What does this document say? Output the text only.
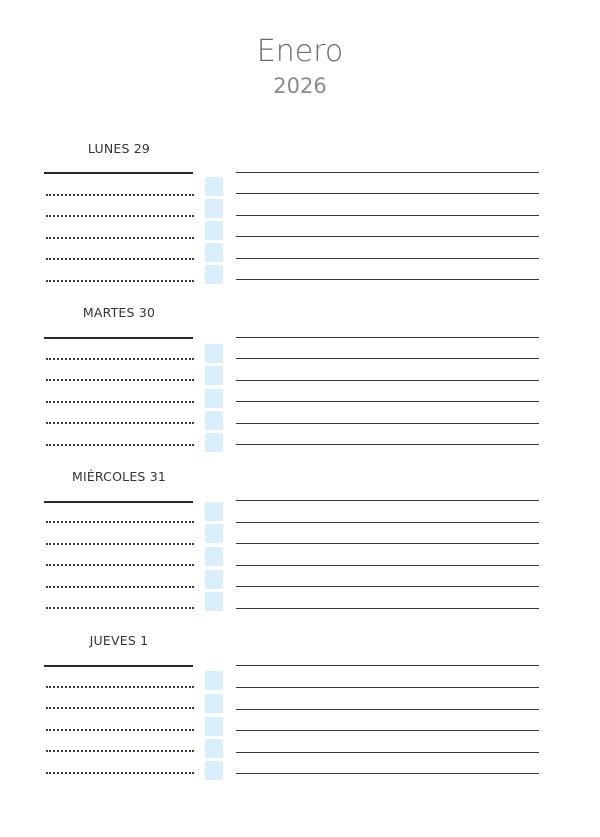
Enero
2026
LUNES 29
MARTES 30
MIÉRCOLES 31
JUEVES 1
